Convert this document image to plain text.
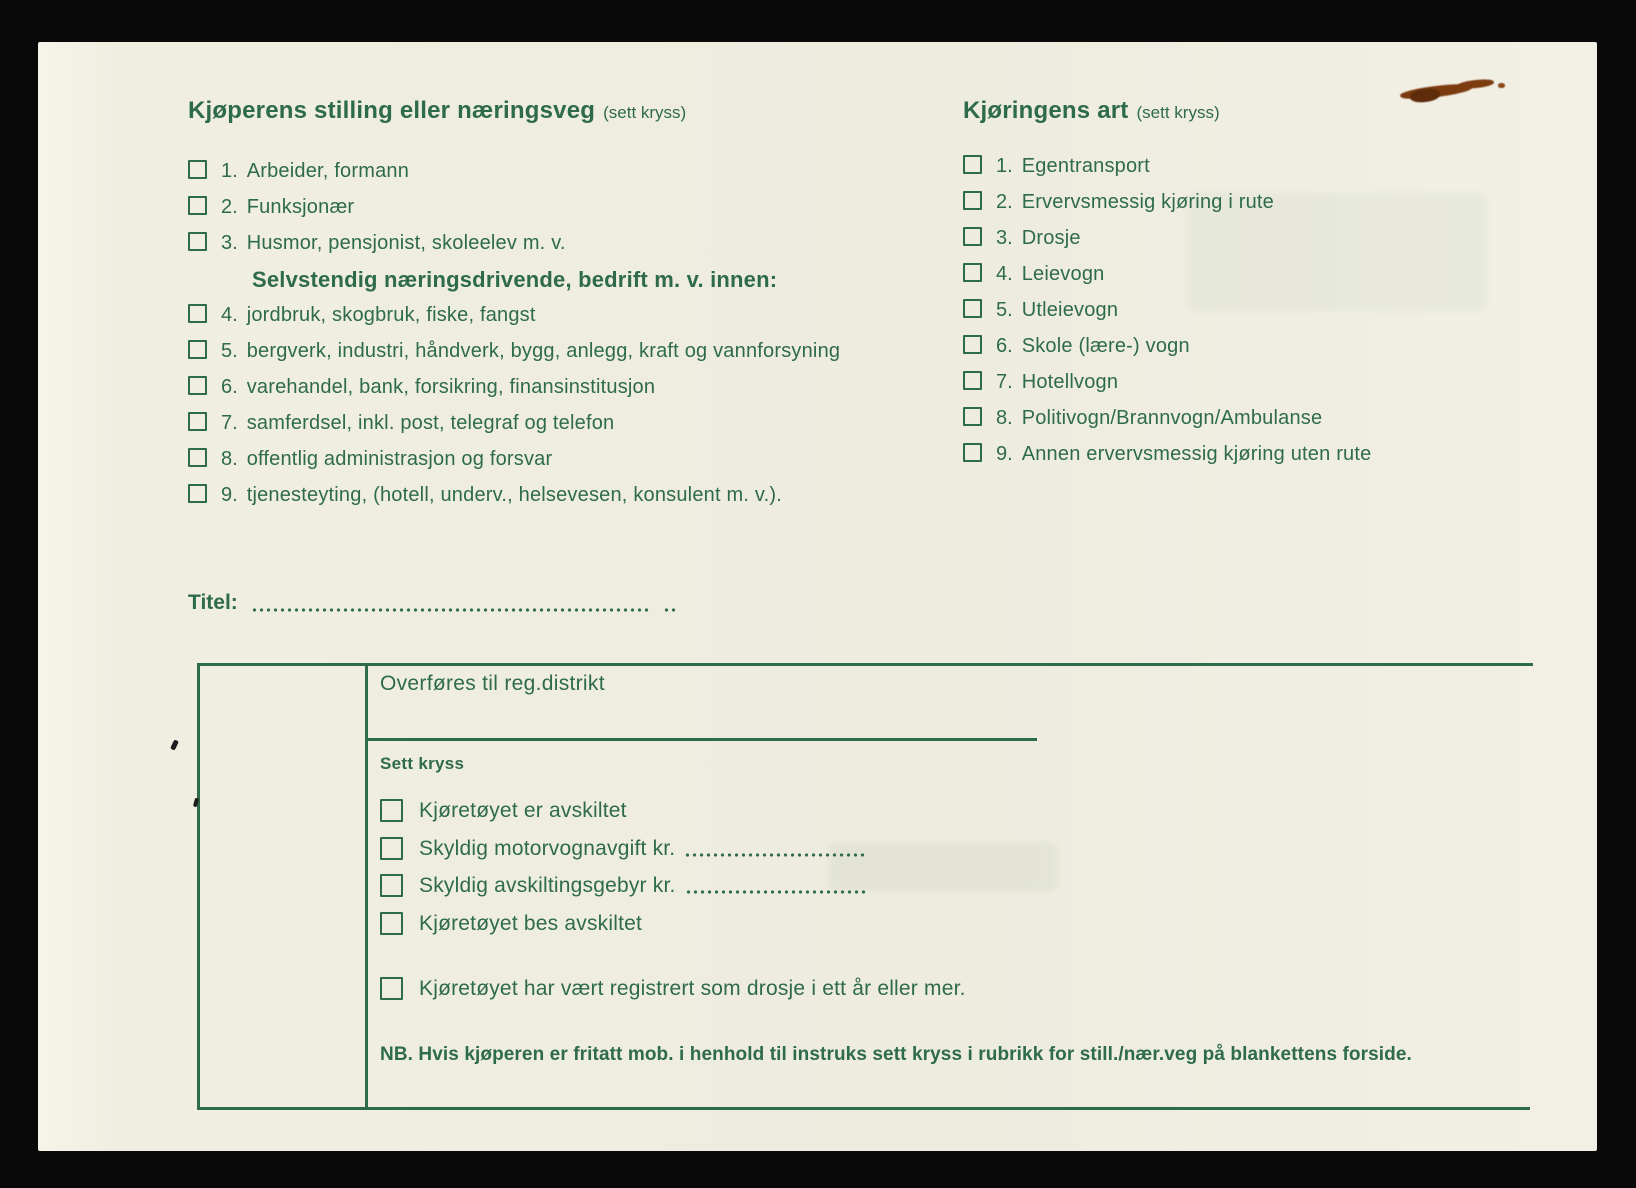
Kjøperens stilling eller næringsveg (sett kryss)
1. Arbeider, formann
2. Funksjonær
3. Husmor, pensjonist, skoleelev m. v.
Selvstendig næringsdrivende, bedrift m. v. innen:
4. jordbruk, skogbruk, fiske, fangst
5. bergverk, industri, håndverk, bygg, anlegg, kraft og vannforsyning
6. varehandel, bank, forsikring, finansinstitusjon
7. samferdsel, inkl. post, telegraf og telefon
8. offentlig administrasjon og forsvar
9. tjenesteyting, (hotell, underv., helsevesen, konsulent m. v.).
Kjøringens art (sett kryss)
1. Egentransport
2. Ervervsmessig kjøring i rute
3. Drosje
4. Leievogn
5. Utleievogn
6. Skole (lære-) vogn
7. Hotellvogn
8. Politivogn/Brannvogn/Ambulanse
9. Annen ervervsmessig kjøring uten rute
Titel:
Overføres til reg.distrikt
Sett kryss
Kjøretøyet er avskiltet
Skyldig motorvognavgift kr.
Skyldig avskiltingsgebyr kr.
Kjøretøyet bes avskiltet
Kjøretøyet har vært registrert som drosje i ett år eller mer.
NB. Hvis kjøperen er fritatt mob. i henhold til instruks sett kryss i rubrikk for still./nær.veg på blankettens forside.
